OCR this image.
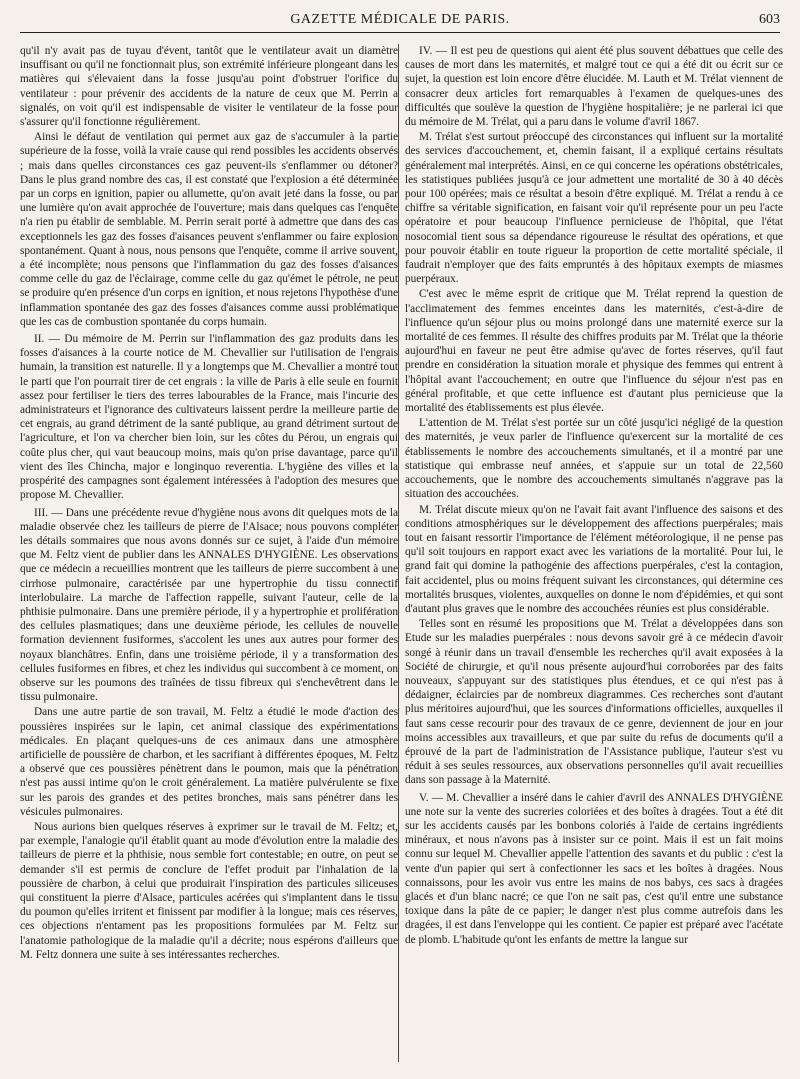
GAZETTE MÉDICALE DE PARIS.	603

qu'il n'y avait pas de tuyau d'évent, tantôt que le ventilateur avait un diamètre insuffisant ou qu'il ne fonctionnait plus, son extrémité inférieure plongeant dans les matières qui s'élevaient dans la fosse jusqu'au point d'obstruer l'orifice du ventilateur : pour prévenir des accidents de la nature de ceux que M. Perrin a signalés, on voit qu'il est indispensable de visiter le ventilateur de la fosse pour s'assurer qu'il fonctionne régulièrement.

Ainsi le défaut de ventilation qui permet aux gaz de s'accumuler à la partie supérieure de la fosse, voilà la vraie cause qui rend possibles les accidents observés ; mais dans quelles circonstances ces gaz peuvent-ils s'enflammer ou détoner? Dans le plus grand nombre des cas, il est constaté que l'explosion a été déterminée par un corps en ignition, papier ou allumette, qu'on avait jeté dans la fosse, ou par une lumière qu'on avait approchée de l'ouverture; mais dans quelques cas l'enquête n'a rien pu établir de semblable. M. Perrin serait porté à admettre que dans des cas exceptionnels les gaz des fosses d'aisances peuvent s'enflammer ou faire explosion spontanément. Quant à nous, nous pensons que l'enquête, comme il arrive souvent, a été incomplète; nous pensons que l'inflammation du gaz des fosses d'aisances comme celle du gaz de l'éclairage, comme celle du gaz qu'émet le pétrole, ne peut se produire qu'en présence d'un corps en ignition, et nous rejetons l'hypothèse d'une inflammation spontanée des gaz des fosses d'aisances comme aussi problématique que les cas de combustion spontanée du corps humain.

II. — Du mémoire de M. Perrin sur l'inflammation des gaz produits dans les fosses d'aisances à la courte notice de M. Chevallier sur l'utilisation de l'engrais humain, la transition est naturelle. Il y a longtemps que M. Chevallier a montré tout le parti que l'on pourrait tirer de cet engrais : la ville de Paris à elle seule en fournit assez pour fertiliser le tiers des terres labourables de la France, mais l'incurie des administrateurs et l'ignorance des cultivateurs laissent perdre la meilleure partie de cet engrais, au grand détriment de la santé publique, au grand détriment surtout de l'agriculture, et l'on va chercher bien loin, sur les côtes du Pérou, un engrais qui coûte plus cher, qui vaut beaucoup moins, mais qu'on prise davantage, parce qu'il vient des îles Chincha, major e longinquo reverentia. L'hygiène des villes et la prospérité des campagnes sont également intéressées à l'adoption des mesures que propose M. Chevallier.

III. — Dans une précédente revue d'hygiène nous avons dit quelques mots de la maladie observée chez les tailleurs de pierre de l'Alsace; nous pouvons compléter les détails sommaires que nous avons donnés sur ce sujet, à l'aide d'un mémoire que M. Feltz vient de publier dans les ANNALES D'HYGIÈNE. Les observations que ce médecin a recueillies montrent que les tailleurs de pierre succombent à une cirrhose pulmonaire, caractérisée par une hypertrophie du tissu connectif interlobulaire. La marche de l'affection rappelle, suivant l'auteur, celle de la phthisie pulmonaire. Dans une première période, il y a hypertrophie et prolifération des cellules plasmatiques; dans une deuxième période, les cellules de nouvelle formation deviennent fusiformes, s'accolent les unes aux autres pour former des noyaux blanchâtres. Enfin, dans une troisième période, il y a transformation des cellules fusiformes en fibres, et chez les individus qui succombent à ce moment, on observe sur les poumons des traînées de tissu fibreux qui s'enchevêtrent dans le tissu pulmonaire.

Dans une autre partie de son travail, M. Feltz a étudié le mode d'action des poussières inspirées sur le lapin, cet animal classique des expérimentations médicales. En plaçant quelques-uns de ces animaux dans une atmosphère artificielle de poussière de charbon, et les sacrifiant à différentes époques, M. Feltz a observé que ces poussières pénètrent dans le poumon, mais que la pénétration n'est pas aussi intime qu'on le croit généralement. La matière pulvérulente se fixe sur les parois des grandes et des petites bronches, mais sans pénétrer dans les vésicules pulmonaires.

Nous aurions bien quelques réserves à exprimer sur le travail de M. Feltz; et, par exemple, l'analogie qu'il établit quant au mode d'évolution entre la maladie des tailleurs de pierre et la phthisie, nous semble fort contestable; en outre, on peut se demander s'il est permis de conclure de l'effet produit par l'inhalation de la poussière de charbon, à celui que produirait l'inspiration des particules siliceuses qui constituent la pierre d'Alsace, particules acérées qui s'implantent dans le tissu du poumon qu'elles irritent et finissent par modifier à la longue; mais ces réserves, ces objections n'entament pas les propositions formulées par M. Feltz sur l'anatomie pathologique de la maladie qu'il a décrite; nous espérons d'ailleurs que M. Feltz donnera une suite à ses intéressantes recherches.

IV. — Il est peu de questions qui aient été plus souvent débattues que celle des causes de mort dans les maternités, et malgré tout ce qui a été dit ou écrit sur ce sujet, la question est loin encore d'être élucidée. M. Lauth et M. Trélat viennent de consacrer deux articles fort remarquables à l'examen de quelques-unes des difficultés que soulève la question de l'hygiène hospitalière; je ne parlerai ici que du mémoire de M. Trélat, qui a paru dans le volume d'avril 1867.

M. Trélat s'est surtout préoccupé des circonstances qui influent sur la mortalité des services d'accouchement, et, chemin faisant, il a expliqué certains résultats généralement mal interprétés. Ainsi, en ce qui concerne les opérations obstétricales, les statistiques publiées jusqu'à ce jour admettent une mortalité de 30 à 40 décès pour 100 opérées; mais ce résultat a besoin d'être expliqué. M. Trélat a rendu à ce chiffre sa véritable signification, en faisant voir qu'il représente pour un peu l'acte opératoire et pour beaucoup l'influence pernicieuse de l'hôpital, que l'état nosocomial tient sous sa dépendance rigoureuse le résultat des opérations, et que pour pouvoir établir en toute rigueur la proportion de cette mortalité spéciale, il faudrait n'employer que des faits empruntés à des hôpitaux exempts de miasmes puerpéraux.

C'est avec le même esprit de critique que M. Trélat reprend la question de l'acclimatement des femmes enceintes dans les maternités, c'est-à-dire de l'influence qu'un séjour plus ou moins prolongé dans une maternité exerce sur la mortalité de ces femmes. Il résulte des chiffres produits par M. Trélat que la théorie aujourd'hui en faveur ne peut être admise qu'avec de fortes réserves, qu'il faut prendre en considération la situation morale et physique des femmes qui entrent à l'hôpital avant l'accouchement; en outre que l'influence du séjour n'est pas en général profitable, et que cette influence est d'autant plus pernicieuse que la mortalité des établissements est plus élevée.

L'attention de M. Trélat s'est portée sur un côté jusqu'ici négligé de la question des maternités, je veux parler de l'influence qu'exercent sur la mortalité de ces établissements le nombre des accouchements simultanés, et il a montré par une statistique qui embrasse neuf années, et s'appuie sur un total de 22,560 accouchements, que le nombre des accouchements simultanés n'aggrave pas la situation des accouchées.

M. Trélat discute mieux qu'on ne l'avait fait avant l'influence des saisons et des conditions atmosphériques sur le développement des affections puerpérales; mais tout en faisant ressortir l'importance de l'élément météorologique, il ne pense pas qu'il soit toujours en rapport exact avec les variations de la mortalité. Pour lui, le grand fait qui domine la pathogénie des affections puerpérales, c'est la contagion, fait accidentel, plus ou moins fréquent suivant les circonstances, qui détermine ces mortalités brusques, violentes, auxquelles on donne le nom d'épidémies, et qui sont d'autant plus graves que le nombre des accouchées réunies est plus considérable.

Telles sont en résumé les propositions que M. Trélat a développées dans son Etude sur les maladies puerpérales : nous devons savoir gré à ce médecin d'avoir songé à réunir dans un travail d'ensemble les recherches qu'il avait exposées à la Société de chirurgie, et qu'il nous présente aujourd'hui corroborées par des faits nouveaux, s'appuyant sur des statistiques plus étendues, et ce qui n'est pas à dédaigner, éclaircies par de nombreux diagrammes. Ces recherches sont d'autant plus méritoires aujourd'hui, que les sources d'informations officielles, auxquelles il faut sans cesse recourir pour des travaux de ce genre, deviennent de jour en jour moins accessibles aux travailleurs, et que par suite du refus de documents qu'il a éprouvé de la part de l'administration de l'Assistance publique, l'auteur s'est vu réduit à ses seules ressources, aux observations personnelles qu'il avait recueillies dans son passage à la Maternité.

V. — M. Chevallier a inséré dans le cahier d'avril des ANNALES D'HYGIÈNE une note sur la vente des sucreries coloriées et des boîtes à dragées. Tout a été dit sur les accidents causés par les bonbons coloriés à l'aide de certains ingrédients minéraux, et nous n'avons pas à insister sur ce point. Mais il est un fait moins connu sur lequel M. Chevallier appelle l'attention des savants et du public : c'est la vente d'un papier qui sert à confectionner les sacs et les boîtes à dragées. Nous connaissons, pour les avoir vus entre les mains de nos babys, ces sacs à dragées glacés et d'un blanc nacré; ce que l'on ne sait pas, c'est qu'il entre une substance toxique dans la pâte de ce papier; le danger n'est plus comme autrefois dans les dragées, il est dans l'enveloppe qui les contient. Ce papier est préparé avec l'acétate de plomb. L'habitude qu'ont les enfants de mettre la langue sur
